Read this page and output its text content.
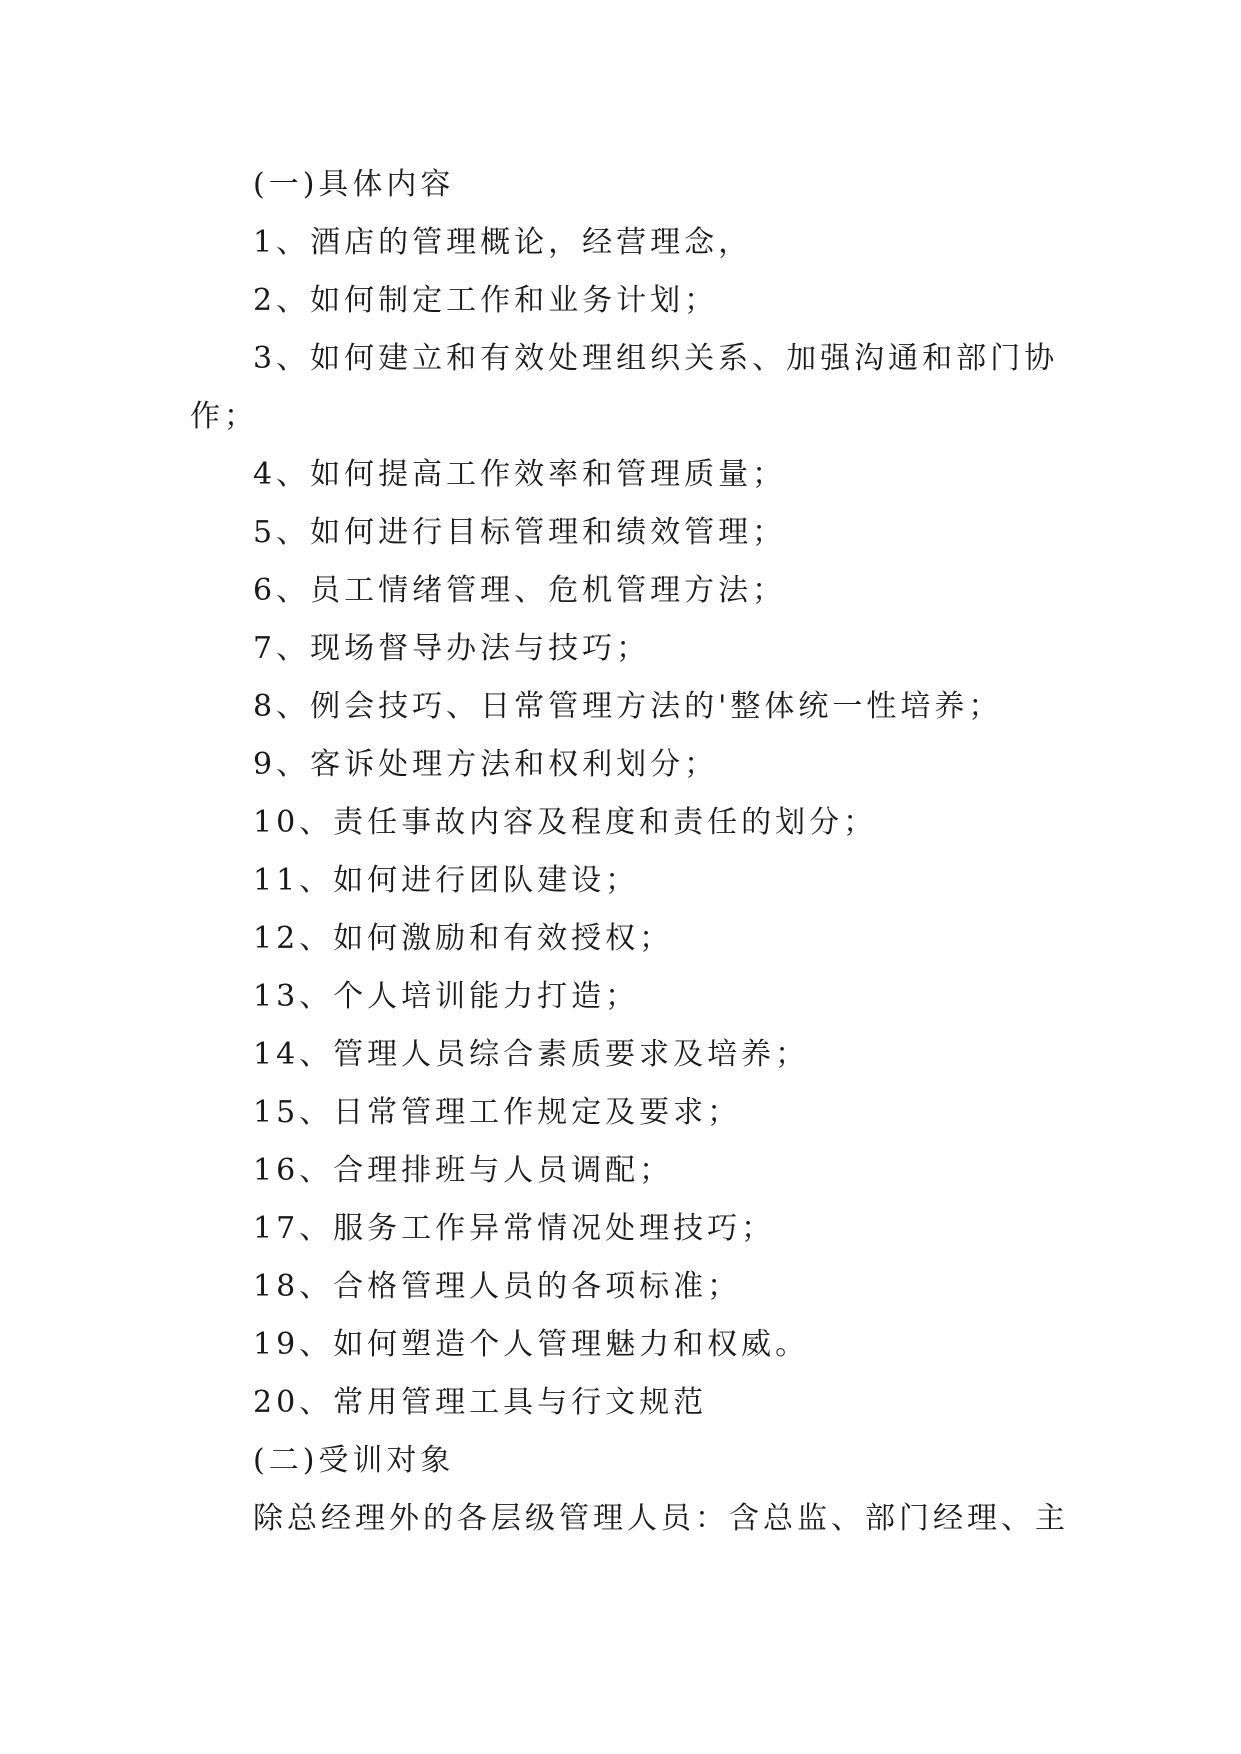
(一)具体内容
1、酒店的管理概论，经营理念，
2、如何制定工作和业务计划；
3、如何建立和有效处理组织关系、加强沟通和部门协
作；
4、如何提高工作效率和管理质量；
5、如何进行目标管理和绩效管理；
6、员工情绪管理、危机管理方法；
7、现场督导办法与技巧；
8、例会技巧、日常管理方法的'整体统一性培养；
9、客诉处理方法和权利划分；
10、责任事故内容及程度和责任的划分；
11、如何进行团队建设；
12、如何激励和有效授权；
13、个人培训能力打造；
14、管理人员综合素质要求及培养；
15、日常管理工作规定及要求；
16、合理排班与人员调配；
17、服务工作异常情况处理技巧；
18、合格管理人员的各项标准；
19、如何塑造个人管理魅力和权威。
20、常用管理工具与行文规范
(二)受训对象
除总经理外的各层级管理人员：含总监、部门经理、主
